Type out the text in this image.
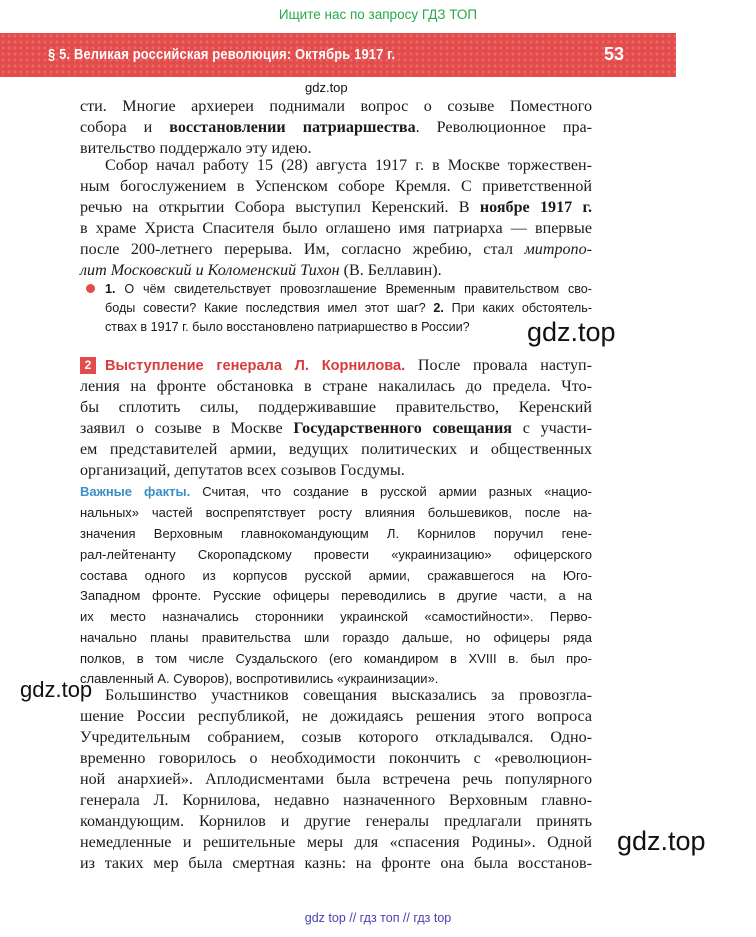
Ищите нас по запросу ГДЗ ТОП
§ 5. Великая российская революция: Октябрь 1917 г.	53
gdz.top
сти. Многие архиереи поднимали вопрос о созыве Поместного
собора и восстановлении патриаршества. Революционное пра-
вительство поддержало эту идею.
Собор начал работу 15 (28) августа 1917 г. в Москве торжествен-
ным богослужением в Успенском соборе Кремля. С приветственной
речью на открытии Собора выступил Керенский. В ноябре 1917 г.
в храме Христа Спасителя было оглашено имя патриарха — впервые
после 200-летнего перерыва. Им, согласно жребию, стал митропо-
лит Московский и Коломенский Тихон (В. Беллавин).
1. О чём свидетельствует провозглашение Временным правительством сво-
боды совести? Какие последствия имел этот шаг? 2. При каких обстоятель-
ствах в 1917 г. было восстановлено патриаршество в России?	gdz.top
2 Выступление генерала Л. Корнилова. После провала наступ-
ления на фронте обстановка в стране накалилась до предела. Что-
бы сплотить силы, поддерживавшие правительство, Керенский
заявил о созыве в Москве Государственного совещания с участи-
ем представителей армии, ведущих политических и общественных
организаций, депутатов всех созывов Госдумы.
Важные факты. Считая, что создание в русской армии разных «нацио-
нальных» частей воспрепятствует росту влияния большевиков, после на-
значения Верховным главнокомандующим Л. Корнилов поручил гене-
рал-лейтенанту Скоропадскому провести «украинизацию» офицерского
состава одного из корпусов русской армии, сражавшегося на Юго-
Западном фронте. Русские офицеры переводились в другие части, а на
их место назначались сторонники украинской «самостийности». Перво-
начально планы правительства шли гораздо дальше, но офицеры ряда
полков, в том числе Суздальского (его командиром в XVIII в. был про-
славленный А. Суворов), воспротивились «украинизации».
gdz.top Большинство участников совещания высказались за провозгла-
шение России республикой, не дожидаясь решения этого вопроса
Учредительным собранием, созыв которого откладывался. Одно-
временно говорилось о необходимости покончить с «революцион-
ной анархией». Аплодисментами была встречена речь популярного
генерала Л. Корнилова, недавно назначенного Верховным главно-
командующим. Корнилов и другие генералы предлагали принять
немедленные и решительные меры для «спасения Родины». Одной
из таких мер была смертная казнь: на фронте она была восстанов-
gdz.top
gdz top // гдз топ // гдз top
